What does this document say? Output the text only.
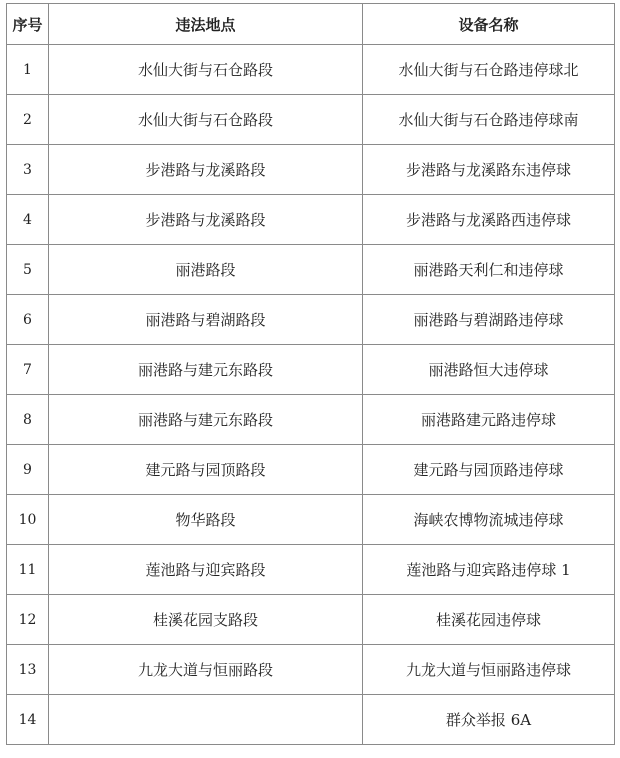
序号	违法地点	设备名称
1	水仙大街与石仓路段	水仙大街与石仓路违停球北
2	水仙大街与石仓路段	水仙大街与石仓路违停球南
3	步港路与龙溪路段	步港路与龙溪路东违停球
4	步港路与龙溪路段	步港路与龙溪路西违停球
5	丽港路段	丽港路天利仁和违停球
6	丽港路与碧湖路段	丽港路与碧湖路违停球
7	丽港路与建元东路段	丽港路恒大违停球
8	丽港路与建元东路段	丽港路建元路违停球
9	建元路与园顶路段	建元路与园顶路违停球
10	物华路段	海峡农博物流城违停球
11	莲池路与迎宾路段	莲池路与迎宾路违停球 1
12	桂溪花园支路段	桂溪花园违停球
13	九龙大道与恒丽路段	九龙大道与恒丽路违停球
14		群众举报 6A
